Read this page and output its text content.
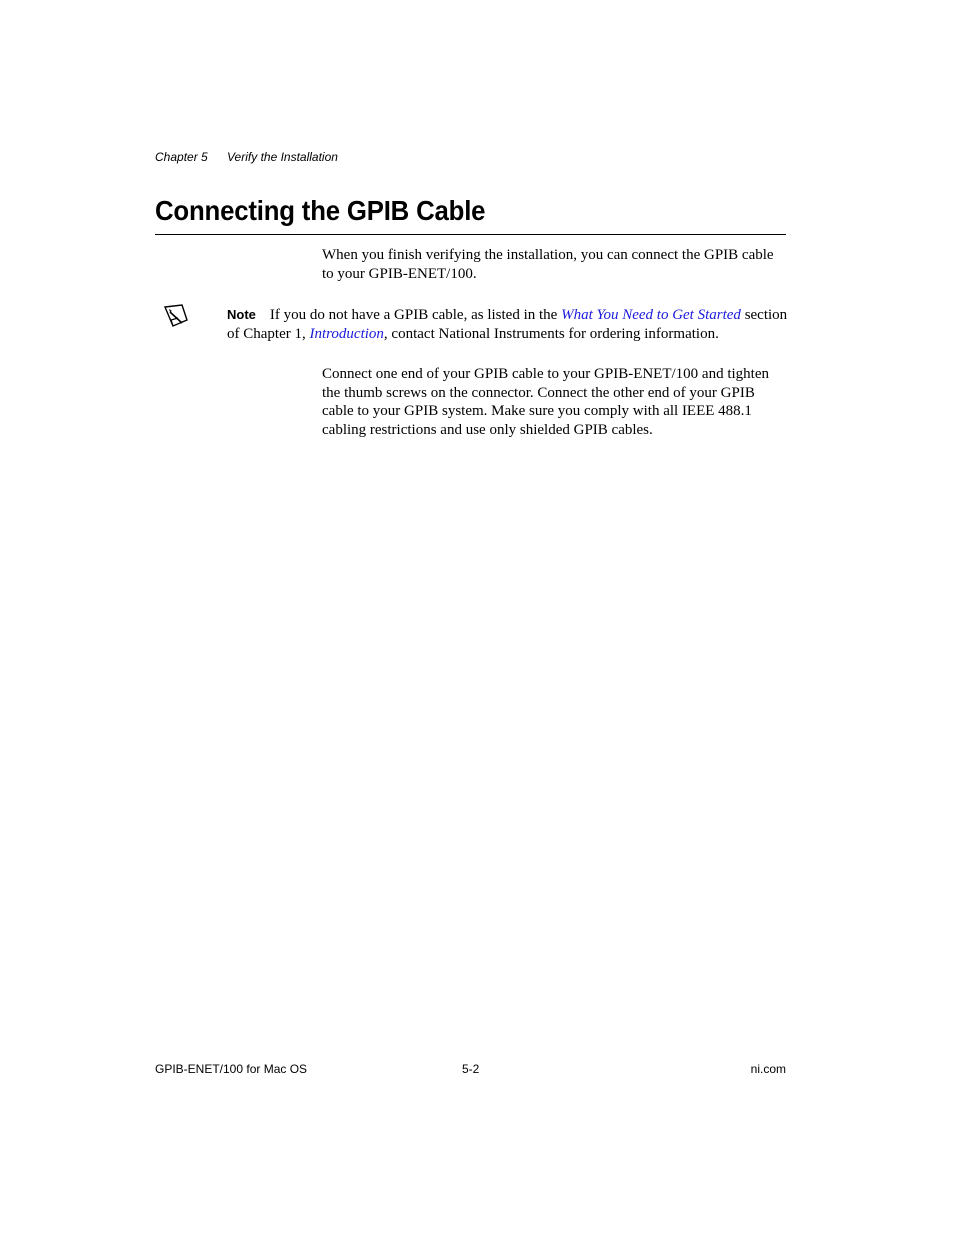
Chapter 5 Verify the Installation
Connecting the GPIB Cable

When you finish verifying the installation, you can connect the GPIB cable to your GPIB-ENET/100.

Note If you do not have a GPIB cable, as listed in the What You Need to Get Started section of Chapter 1, Introduction, contact National Instruments for ordering information.

Connect one end of your GPIB cable to your GPIB-ENET/100 and tighten the thumb screws on the connector. Connect the other end of your GPIB cable to your GPIB system. Make sure you comply with all IEEE 488.1 cabling restrictions and use only shielded GPIB cables.

GPIB-ENET/100 for Mac OS	5-2	ni.com
